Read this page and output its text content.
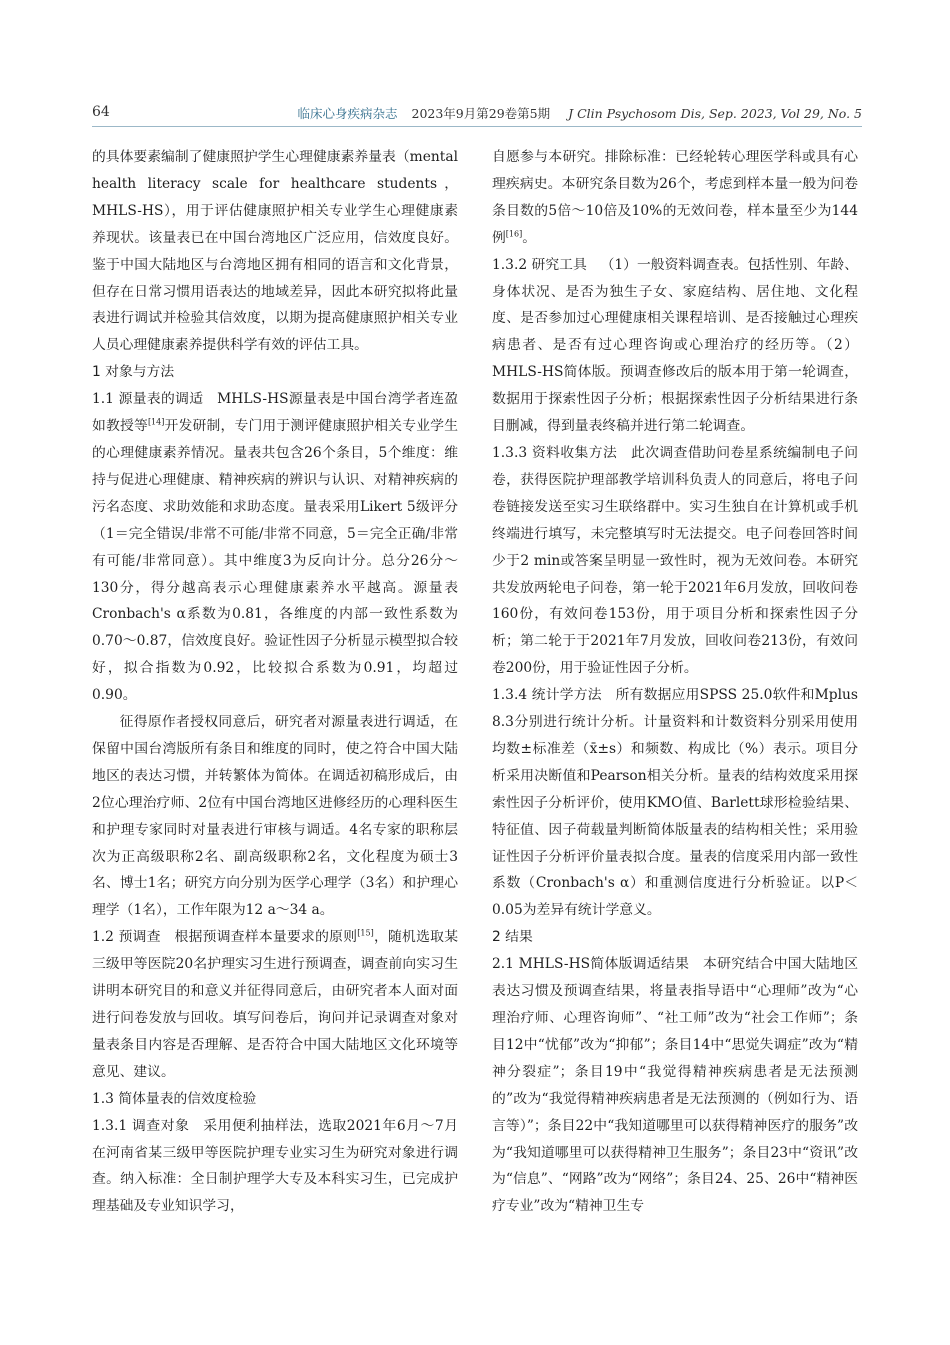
64	临床心身疾病杂志 2023年9月第29卷第5期 J Clin Psychosom Dis, Sep. 2023, Vol 29, No. 5

的具体要素编制了健康照护学生心理健康素养量表（mental health literacy scale for healthcare students，MHLS-HS），用于评估健康照护相关专业学生心理健康素养现状。该量表已在中国台湾地区广泛应用，信效度良好。鉴于中国大陆地区与台湾地区拥有相同的语言和文化背景，但存在日常习惯用语表达的地域差异，因此本研究拟将此量表进行调试并检验其信效度，以期为提高健康照护相关专业人员心理健康素养提供科学有效的评估工具。

1 对象与方法

1.1 源量表的调适 MHLS-HS源量表是中国台湾学者连盈如教授等[14]开发研制，专门用于测评健康照护相关专业学生的心理健康素养情况。量表共包含26个条目，5个维度：维持与促进心理健康、精神疾病的辨识与认识、对精神疾病的污名态度、求助效能和求助态度。量表采用Likert 5级评分（1＝完全错误/非常不可能/非常不同意，5＝完全正确/非常有可能/非常同意）。其中维度3为反向计分。总分26分～130分，得分越高表示心理健康素养水平越高。源量表Cronbach's α系数为0.81，各维度的内部一致性系数为0.70～0.87，信效度良好。验证性因子分析显示模型拟合较好，拟合指数为0.92，比较拟合系数为0.91，均超过0.90。

征得原作者授权同意后，研究者对源量表进行调适，在保留中国台湾版所有条目和维度的同时，使之符合中国大陆地区的表达习惯，并转繁体为简体。在调适初稿形成后，由2位心理治疗师、2位有中国台湾地区进修经历的心理科医生和护理专家同时对量表进行审核与调适。4名专家的职称层次为正高级职称2名、副高级职称2名，文化程度为硕士3名、博士1名；研究方向分别为医学心理学（3名）和护理心理学（1名），工作年限为12 a～34 a。

1.2 预调查 根据预调查样本量要求的原则[15]，随机选取某三级甲等医院20名护理实习生进行预调查，调查前向实习生讲明本研究目的和意义并征得同意后，由研究者本人面对面进行问卷发放与回收。填写问卷后，询问并记录调查对象对量表条目内容是否理解、是否符合中国大陆地区文化环境等意见、建议。

1.3 简体量表的信效度检验

1.3.1 调查对象 采用便利抽样法，选取2021年6月～7月在河南省某三级甲等医院护理专业实习生为研究对象进行调查。纳入标准：全日制护理学大专及本科实习生，已完成护理基础及专业知识学习，

自愿参与本研究。排除标准：已经轮转心理医学科或具有心理疾病史。本研究条目数为26个，考虑到样本量一般为问卷条目数的5倍～10倍及10%的无效问卷，样本量至少为144例[16]。

1.3.2 研究工具 （1）一般资料调查表。包括性别、年龄、身体状况、是否为独生子女、家庭结构、居住地、文化程度、是否参加过心理健康相关课程培训、是否接触过心理疾病患者、是否有过心理咨询或心理治疗的经历等。（2）MHLS-HS简体版。预调查修改后的版本用于第一轮调查，数据用于探索性因子分析；根据探索性因子分析结果进行条目删减，得到量表终稿并进行第二轮调查。

1.3.3 资料收集方法 此次调查借助问卷星系统编制电子问卷，获得医院护理部教学培训科负责人的同意后，将电子问卷链接发送至实习生联络群中。实习生独自在计算机或手机终端进行填写，未完整填写时无法提交。电子问卷回答时间少于2 min或答案呈明显一致性时，视为无效问卷。本研究共发放两轮电子问卷，第一轮于2021年6月发放，回收问卷160份，有效问卷153份，用于项目分析和探索性因子分析；第二轮于于2021年7月发放，回收问卷213份，有效问卷200份，用于验证性因子分析。

1.3.4 统计学方法 所有数据应用SPSS 25.0软件和Mplus 8.3分别进行统计分析。计量资料和计数资料分别采用使用均数±标准差（x̄±s）和频数、构成比（%）表示。项目分析采用决断值和Pearson相关分析。量表的结构效度采用探索性因子分析评价，使用KMO值、Barlett球形检验结果、特征值、因子荷载量判断简体版量表的结构相关性；采用验证性因子分析评价量表拟合度。量表的信度采用内部一致性系数（Cronbach's α）和重测信度进行分析验证。以P＜0.05为差异有统计学意义。

2 结果

2.1 MHLS-HS简体版调适结果 本研究结合中国大陆地区表达习惯及预调查结果，将量表指导语中“心理师”改为“心理治疗师、心理咨询师”、“社工师”改为“社会工作师”；条目12中“忧郁”改为“抑郁”；条目14中“思觉失调症”改为“精神分裂症”；条目19中“我觉得精神疾病患者是无法预测的”改为“我觉得精神疾病患者是无法预测的（例如行为、语言等）”；条目22中“我知道哪里可以获得精神医疗的服务”改为“我知道哪里可以获得精神卫生服务”；条目23中“资讯”改为“信息”、“网路”改为“网络”；条目24、25、26中“精神医疗专业”改为“精神卫生专
